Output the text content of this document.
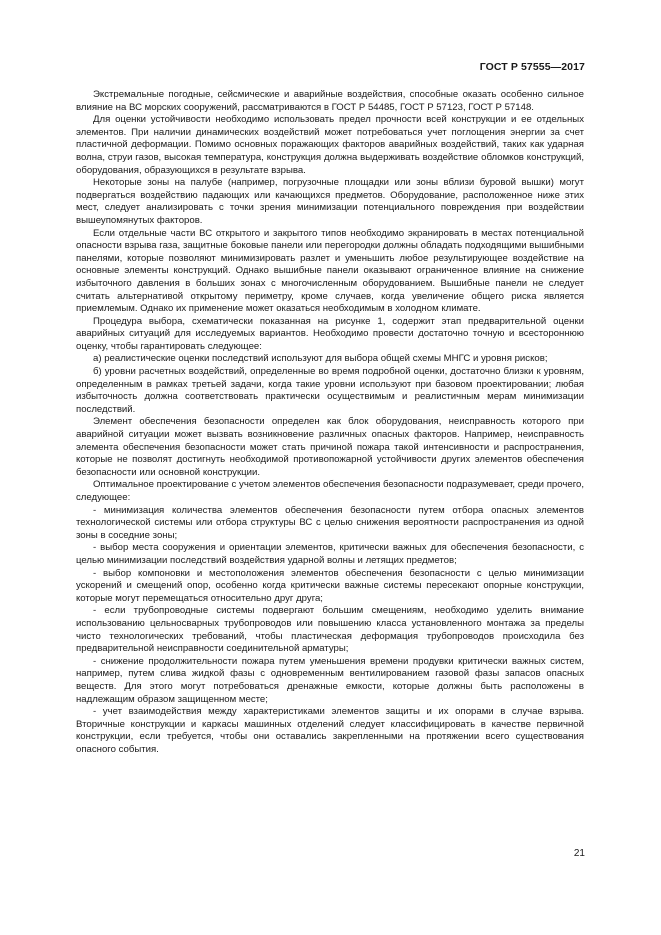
ГОСТ Р 57555—2017

Экстремальные погодные, сейсмические и аварийные воздействия, способные оказать особенно сильное влияние на ВС морских сооружений, рассматриваются в ГОСТ Р 54485, ГОСТ Р 57123, ГОСТ Р 57148.

Для оценки устойчивости необходимо использовать предел прочности всей конструкции и ее отдельных элементов. При наличии динамических воздействий может потребоваться учет поглощения энергии за счет пластичной деформации. Помимо основных поражающих факторов аварийных воздействий, таких как ударная волна, струи газов, высокая температура, конструкция должна выдерживать воздействие обломков конструкций, оборудования, образующихся в результате взрыва.

Некоторые зоны на палубе (например, погрузочные площадки или зоны вблизи буровой вышки) могут подвергаться воздействию падающих или качающихся предметов. Оборудование, расположенное ниже этих мест, следует анализировать с точки зрения минимизации потенциального повреждения при воздействии вышеупомянутых факторов.

Если отдельные части ВС открытого и закрытого типов необходимо экранировать в местах потенциальной опасности взрыва газа, защитные боковые панели или перегородки должны обладать подходящими вышибными панелями, которые позволяют минимизировать разлет и уменьшить любое результирующее воздействие на основные элементы конструкций. Однако вышибные панели оказывают ограниченное влияние на снижение избыточного давления в больших зонах с многочисленным оборудованием. Вышибные панели не следует считать альтернативой открытому периметру, кроме случаев, когда увеличение общего риска является приемлемым. Однако их применение может оказаться необходимым в холодном климате.

Процедура выбора, схематически показанная на рисунке 1, содержит этап предварительной оценки аварийных ситуаций для исследуемых вариантов. Необходимо провести достаточно точную и всестороннюю оценку, чтобы гарантировать следующее:

а) реалистические оценки последствий используют для выбора общей схемы МНГС и уровня рисков;

б) уровни расчетных воздействий, определенные во время подробной оценки, достаточно близки к уровням, определенным в рамках третьей задачи, когда такие уровни используют при базовом проектировании; любая избыточность должна соответствовать практически осуществимым и реалистичным мерам минимизации последствий.

Элемент обеспечения безопасности определен как блок оборудования, неисправность которого при аварийной ситуации может вызвать возникновение различных опасных факторов. Например, неисправность элемента обеспечения безопасности может стать причиной пожара такой интенсивности и распространения, которые не позволят достигнуть необходимой противопожарной устойчивости других элементов обеспечения безопасности или основной конструкции.

Оптимальное проектирование с учетом элементов обеспечения безопасности подразумевает, среди прочего, следующее:

- минимизация количества элементов обеспечения безопасности путем отбора опасных элементов технологической системы или отбора структуры ВС с целью снижения вероятности распространения из одной зоны в соседние зоны;

- выбор места сооружения и ориентации элементов, критически важных для обеспечения безопасности, с целью минимизации последствий воздействия ударной волны и летящих предметов;

- выбор компоновки и местоположения элементов обеспечения безопасности с целью минимизации ускорений и смещений опор, особенно когда критически важные системы пересекают опорные конструкции, которые могут перемещаться относительно друг друга;

- если трубопроводные системы подвергают большим смещениям, необходимо уделить внимание использованию цельносварных трубопроводов или повышению класса установленного монтажа за пределы чисто технологических требований, чтобы пластическая деформация трубопроводов происходила без предварительной неисправности соединительной арматуры;

- снижение продолжительности пожара путем уменьшения времени продувки критически важных систем, например, путем слива жидкой фазы с одновременным вентилированием газовой фазы запасов опасных веществ. Для этого могут потребоваться дренажные емкости, которые должны быть расположены в надлежащим образом защищенном месте;

- учет взаимодействия между характеристиками элементов защиты и их опорами в случае взрыва. Вторичные конструкции и каркасы машинных отделений следует классифицировать в качестве первичной конструкции, если требуется, чтобы они оставались закрепленными на протяжении всего существования опасного события.

21
